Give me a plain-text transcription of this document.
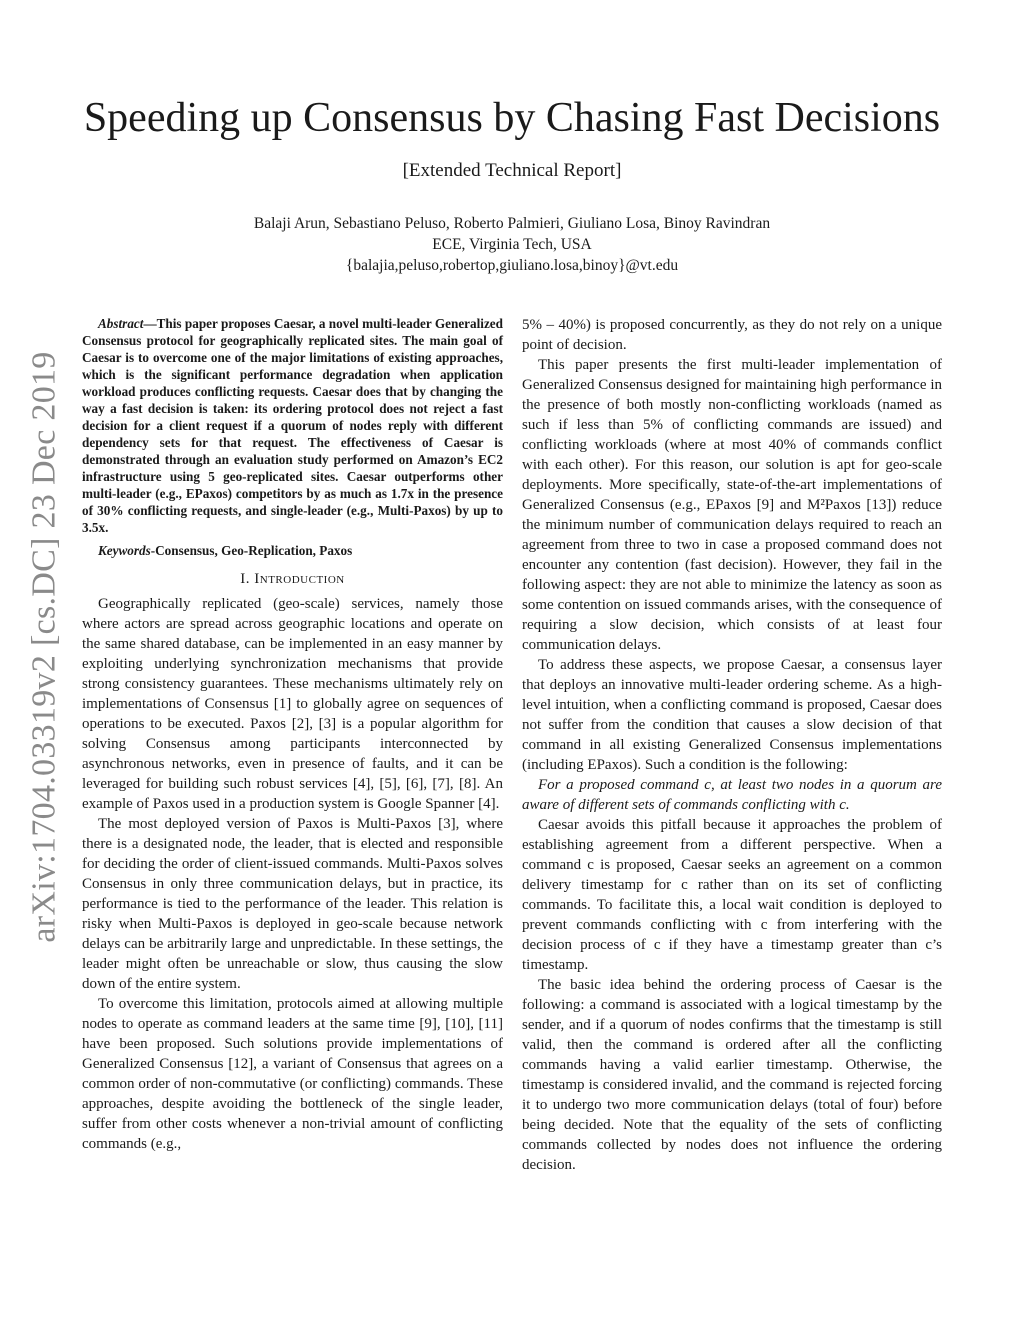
arXiv:1704.03319v2 [cs.DC] 23 Dec 2019
Speeding up Consensus by Chasing Fast Decisions
[Extended Technical Report]
Balaji Arun, Sebastiano Peluso, Roberto Palmieri, Giuliano Losa, Binoy Ravindran
ECE, Virginia Tech, USA
{balajia,peluso,robertop,giuliano.losa,binoy}@vt.edu
Abstract—This paper proposes Caesar, a novel multi-leader Generalized Consensus protocol for geographically replicated sites. The main goal of Caesar is to overcome one of the major limitations of existing approaches, which is the significant performance degradation when application workload produces conflicting requests. Caesar does that by changing the way a fast decision is taken: its ordering protocol does not reject a fast decision for a client request if a quorum of nodes reply with different dependency sets for that request. The effectiveness of Caesar is demonstrated through an evaluation study performed on Amazon’s EC2 infrastructure using 5 geo-replicated sites. Caesar outperforms other multi-leader (e.g., EPaxos) competitors by as much as 1.7x in the presence of 30% conflicting requests, and single-leader (e.g., Multi-Paxos) by up to 3.5x.
Keywords-Consensus, Geo-Replication, Paxos
I. Introduction

Geographically replicated (geo-scale) services, namely those where actors are spread across geographic locations and operate on the same shared database, can be implemented in an easy manner by exploiting underlying synchronization mechanisms that provide strong consistency guarantees. These mechanisms ultimately rely on implementations of Consensus [1] to globally agree on sequences of operations to be executed. Paxos [2], [3] is a popular algorithm for solving Consensus among participants interconnected by asynchronous networks, even in presence of faults, and it can be leveraged for building such robust services [4], [5], [6], [7], [8]. An example of Paxos used in a production system is Google Spanner [4].

The most deployed version of Paxos is Multi-Paxos [3], where there is a designated node, the leader, that is elected and responsible for deciding the order of client-issued commands. Multi-Paxos solves Consensus in only three communication delays, but in practice, its performance is tied to the performance of the leader. This relation is risky when Multi-Paxos is deployed in geo-scale because network delays can be arbitrarily large and unpredictable. In these settings, the leader might often be unreachable or slow, thus causing the slow down of the entire system.

To overcome this limitation, protocols aimed at allowing multiple nodes to operate as command leaders at the same time [9], [10], [11] have been proposed. Such solutions provide implementations of Generalized Consensus [12], a variant of Consensus that agrees on a common order of non-commutative (or conflicting) commands. These approaches, despite avoiding the bottleneck of the single leader, suffer from other costs whenever a non-trivial amount of conflicting commands (e.g.,

5% – 40%) is proposed concurrently, as they do not rely on a unique point of decision.

This paper presents the first multi-leader implementation of Generalized Consensus designed for maintaining high performance in the presence of both mostly non-conflicting workloads (named as such if less than 5% of conflicting commands are issued) and conflicting workloads (where at most 40% of commands conflict with each other). For this reason, our solution is apt for geo-scale deployments. More specifically, state-of-the-art implementations of Generalized Consensus (e.g., EPaxos [9] and M²Paxos [13]) reduce the minimum number of communication delays required to reach an agreement from three to two in case a proposed command does not encounter any contention (fast decision). However, they fail in the following aspect: they are not able to minimize the latency as soon as some contention on issued commands arises, with the consequence of requiring a slow decision, which consists of at least four communication delays.

To address these aspects, we propose Caesar, a consensus layer that deploys an innovative multi-leader ordering scheme. As a high-level intuition, when a conflicting command is proposed, Caesar does not suffer from the condition that causes a slow decision of that command in all existing Generalized Consensus implementations (including EPaxos). Such a condition is the following:

For a proposed command c, at least two nodes in a quorum are aware of different sets of commands conflicting with c.

Caesar avoids this pitfall because it approaches the problem of establishing agreement from a different perspective. When a command c is proposed, Caesar seeks an agreement on a common delivery timestamp for c rather than on its set of conflicting commands. To facilitate this, a local wait condition is deployed to prevent commands conflicting with c from interfering with the decision process of c if they have a timestamp greater than c’s timestamp.

The basic idea behind the ordering process of Caesar is the following: a command is associated with a logical timestamp by the sender, and if a quorum of nodes confirms that the timestamp is still valid, then the command is ordered after all the conflicting commands having a valid earlier timestamp. Otherwise, the timestamp is considered invalid, and the command is rejected forcing it to undergo two more communication delays (total of four) before being decided. Note that the equality of the sets of conflicting commands collected by nodes does not influence the ordering decision.
